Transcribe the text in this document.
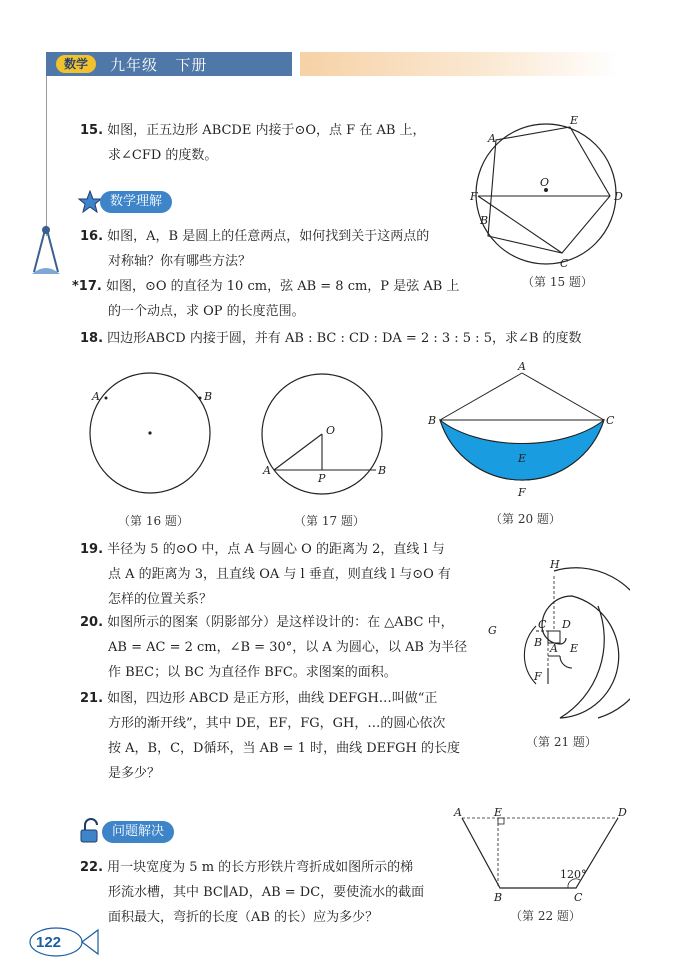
数学	九年级 下册
15. 如图，正五边形 ABCDE 内接于⊙O，点 F 在 AB 上，
求∠CFD 的度数。
E
A
O
F	D
B
C
（第 15 题）
数学理解
16. 如图，A，B 是圆上的任意两点，如何找到关于这两点的
对称轴？你有哪些方法？
*17. 如图，⊙O 的直径为 10 cm，弦 AB = 8 cm，P 是弦 AB 上
的一个动点，求 OP 的长度范围。
18. 四边形ABCD 内接于圆，并有 AB : BC : CD : DA = 2 : 3 : 5 : 5，求∠B 的度数
A	B
（第 16 题）
O
A
P
B
（第 17 题）
A
B	C
E
F
（第 20 题）
19. 半径为 5 的⊙O 中，点 A 与圆心 O 的距离为 2，直线 l 与
点 A 的距离为 3，且直线 OA 与 l 垂直，则直线 l 与⊙O 有
怎样的位置关系？
20. 如图所示的图案（阴影部分）是这样设计的：在 △ABC 中，
AB = AC = 2 cm，∠B = 30°，以 A 为圆心，以 AB 为半径
作 BEC；以 BC 为直径作 BFC。求图案的面积。
21. 如图，四边形 ABCD 是正方形，曲线 DEFGH…叫做“正
方形的渐开线”，其中 DE，EF，FG，GH，…的圆心依次
按 A，B，C，D循环，当 AB = 1 时，曲线 DEFGH 的长度
是多少？
H
C D
G
B A E
F
（第 21 题）
问题解决
22. 用一块宽度为 5 m 的长方形铁片弯折成如图所示的梯
形流水槽，其中 BC∥AD，AB = DC，要使流水的截面
面积最大，弯折的长度（AB 的长）应为多少？
A	E	D
B	C
120°
（第 22 题）
122
